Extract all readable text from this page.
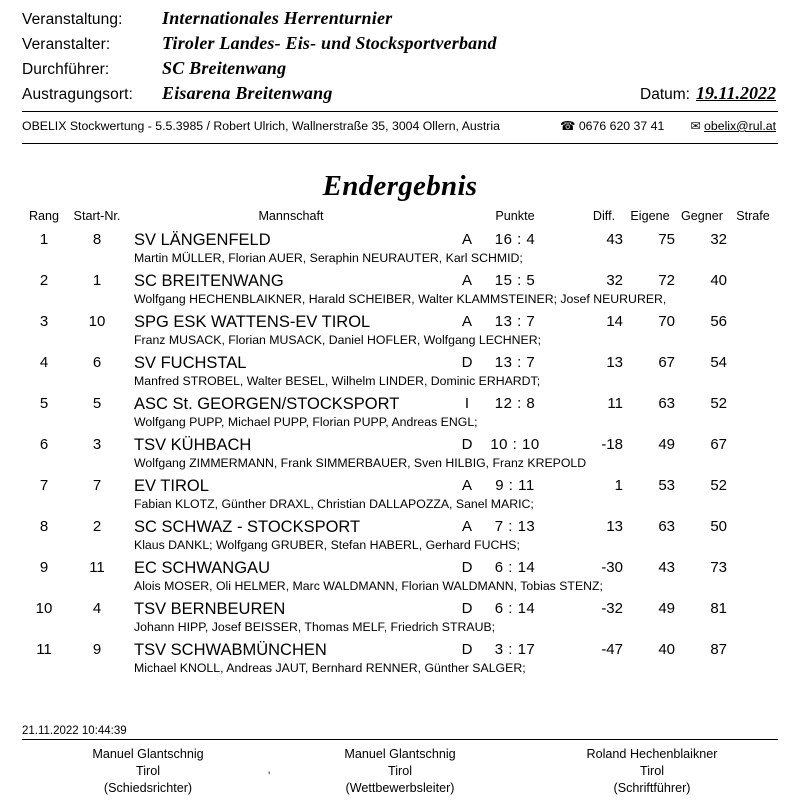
Veranstaltung:	Internationales Herrenturnier
Veranstalter:	Tiroler Landes- Eis- und Stocksportverband
Durchführer:	SC Breitenwang
Austragungsort:	Eisarena Breitenwang	Datum: 19.11.2022
OBELIX Stockwertung - 5.5.3985 / Robert Ulrich, Wallnerstraße 35, 3004 Ollern, Austria	☎ 0676 620 37 41	✉ obelix@rul.at
Endergebnis
Rang	Start-Nr.	Mannschaft		Punkte		Diff.	Eigene	Gegner	Strafe
1	8	SV LÄNGENFELD	A	16 : 4		43	75	32	
		Martin MÜLLER, Florian AUER, Seraphin NEURAUTER, Karl SCHMID;							
2	1	SC BREITENWANG	A	15 : 5		32	72	40	
		Wolfgang HECHENBLAIKNER, Harald SCHEIBER, Walter KLAMMSTEINER; Josef NEURURER,							
3	10	SPG ESK WATTENS-EV TIROL	A	13 : 7		14	70	56	
		Franz MUSACK, Florian MUSACK, Daniel HOFLER, Wolfgang LECHNER;							
4	6	SV FUCHSTAL	D	13 : 7		13	67	54	
		Manfred STROBEL, Walter BESEL, Wilhelm LINDER, Dominic ERHARDT;							
5	5	ASC St. GEORGEN/STOCKSPORT	I	12 : 8		11	63	52	
		Wolfgang PUPP, Michael PUPP, Florian PUPP, Andreas ENGL;							
6	3	TSV KÜHBACH	D	10 : 10		-18	49	67	
		Wolfgang ZIMMERMANN, Frank SIMMERBAUER, Sven HILBIG, Franz KREPOLD							
7	7	EV TIROL	A	9 : 11		1	53	52	
		Fabian KLOTZ, Günther DRAXL, Christian DALLAPOZZA, Sanel MARIC;							
8	2	SC SCHWAZ - STOCKSPORT	A	7 : 13		13	63	50	
		Klaus DANKL; Wolfgang GRUBER, Stefan HABERL, Gerhard FUCHS;							
9	11	EC SCHWANGAU	D	6 : 14		-30	43	73	
		Alois MOSER, Oli HELMER, Marc WALDMANN, Florian WALDMANN, Tobias STENZ;							
10	4	TSV BERNBEUREN	D	6 : 14		-32	49	81	
		Johann HIPP, Josef BEISSER, Thomas MELF, Friedrich STRAUB;							
11	9	TSV SCHWABMÜNCHEN	D	3 : 17		-47	40	87	
		Michael KNOLL, Andreas JAUT, Bernhard RENNER, Günther SALGER;							
21.11.2022 10:44:39
Manuel Glantschnig
Tirol
(Schiedsrichter)
Manuel Glantschnig
Tirol
(Wettbewerbsleiter)
Roland Hechenblaikner
Tirol
(Schriftführer)
'
